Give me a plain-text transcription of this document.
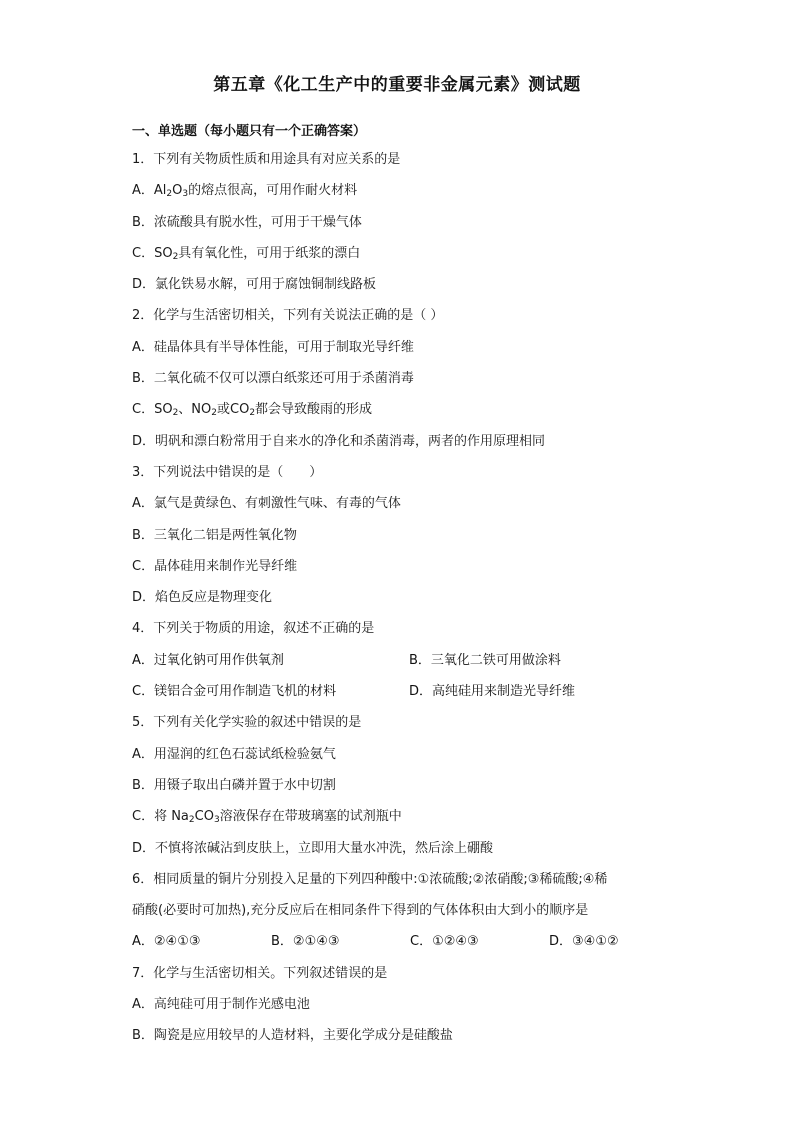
第五章《化工生产中的重要非金属元素》测试题
一、单选题（每小题只有一个正确答案）
1．下列有关物质性质和用途具有对应关系的是
A．$Al_2O_3$的熔点很高，可用作耐火材料
B．浓硫酸具有脱水性，可用于干燥气体
C．$SO_2$具有氧化性，可用于纸浆的漂白
D．氯化铁易水解，可用于腐蚀铜制线路板
2．化学与生活密切相关，下列有关说法正确的是（ ）
A．硅晶体具有半导体性能，可用于制取光导纤维
B．二氧化硫不仅可以漂白纸浆还可用于杀菌消毒
C．$SO_2$、$NO_2$或$CO_2$都会导致酸雨的形成
D．明矾和漂白粉常用于自来水的净化和杀菌消毒，两者的作用原理相同
3．下列说法中错误的是（　　）
A．氯气是黄绿色、有刺激性气味、有毒的气体
B．三氧化二铝是两性氧化物
C．晶体硅用来制作光导纤维
D．焰色反应是物理变化
4．下列关于物质的用途，叙述不正确的是
A．过氧化钠可用作供氧剂	B．三氧化二铁可用做涂料
C．镁铝合金可用作制造飞机的材料	D．高纯硅用来制造光导纤维
5．下列有关化学实验的叙述中错误的是
A．用湿润的红色石蕊试纸检验氨气
B．用镊子取出白磷并置于水中切割
C．将 $Na_2CO_3$溶液保存在带玻璃塞的试剂瓶中
D．不慎将浓碱沾到皮肤上，立即用大量水冲洗，然后涂上硼酸
6．相同质量的铜片分别投入足量的下列四种酸中:①浓硫酸;②浓硝酸;③稀硫酸;④稀
硝酸(必要时可加热),充分反应后在相同条件下得到的气体体积由大到小的顺序是
A．②④①③	B．②①④③	C．①②④③	D．③④①②
7．化学与生活密切相关。下列叙述错误的是
A．高纯硅可用于制作光感电池
B．陶瓷是应用较早的人造材料，主要化学成分是硅酸盐
